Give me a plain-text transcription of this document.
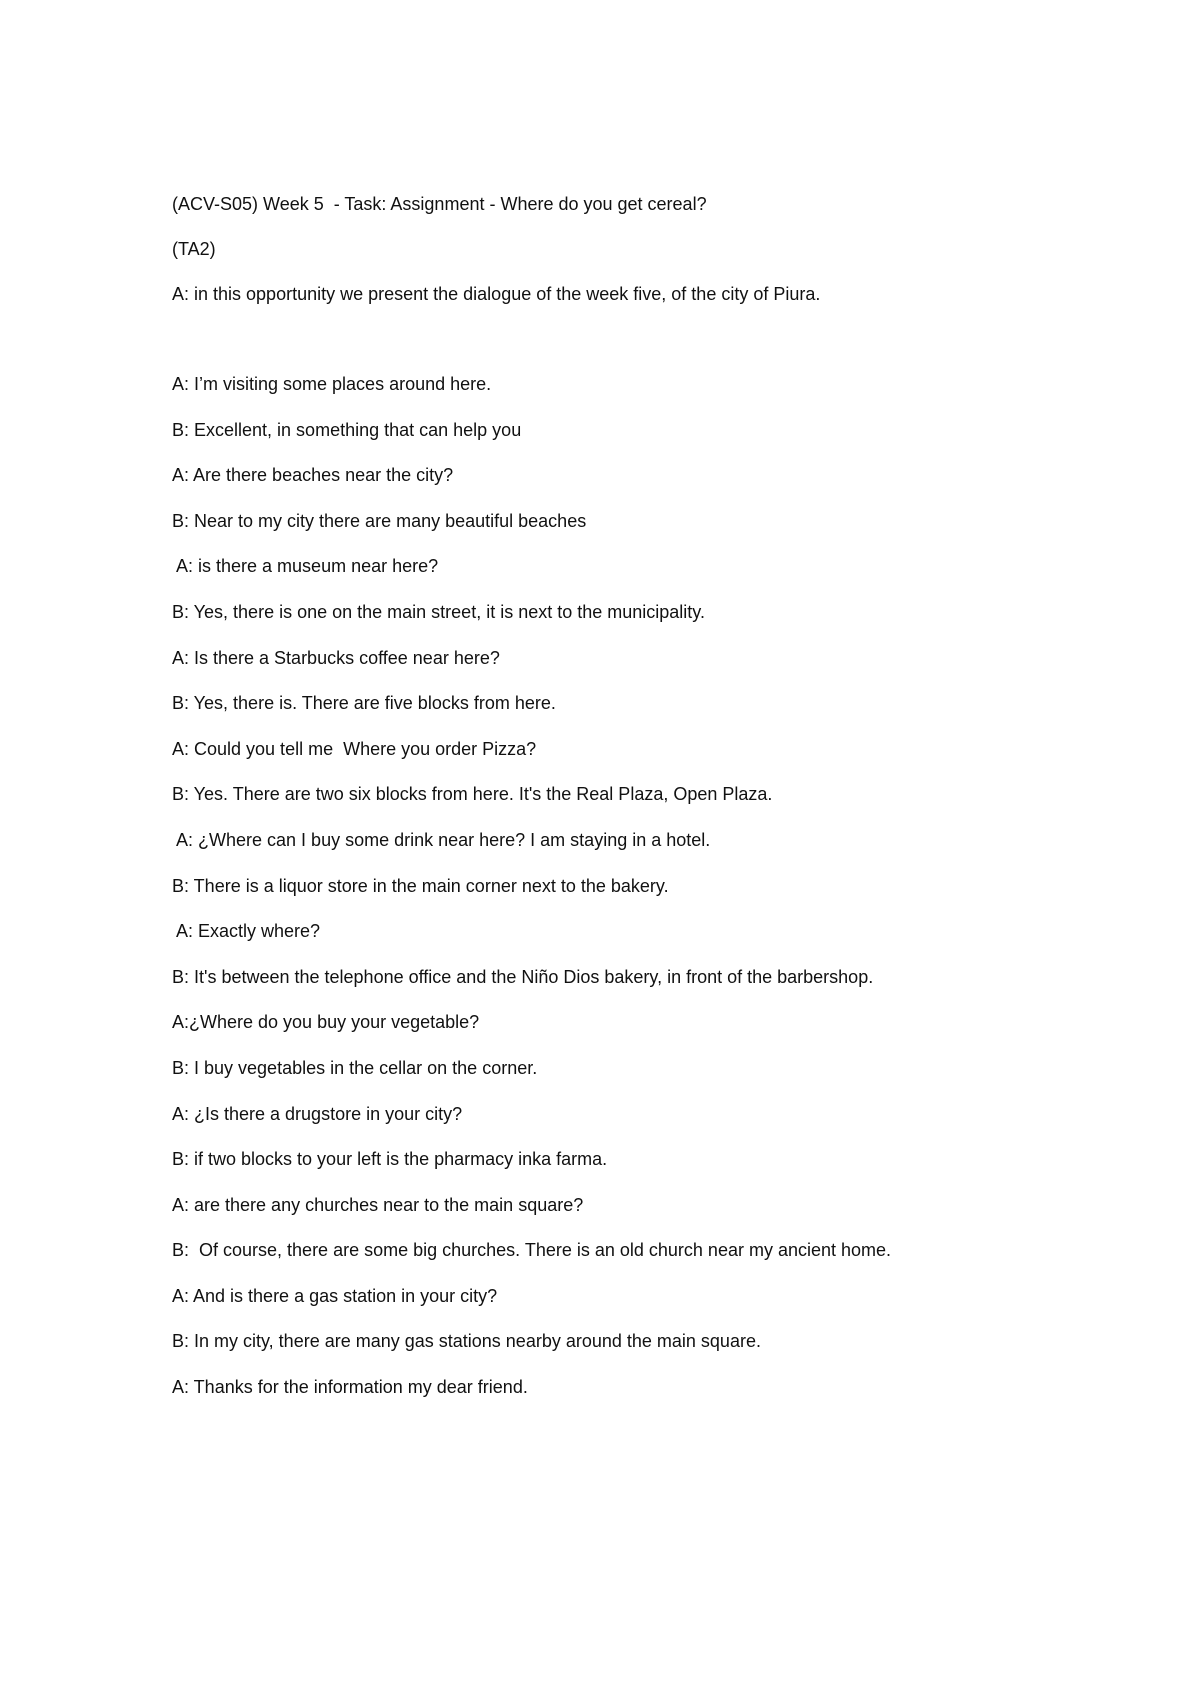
(ACV-S05) Week 5  - Task: Assignment - Where do you get cereal?

(TA2)

A: in this opportunity we present the dialogue of the week five, of the city of Piura.

A: I’m visiting some places around here.

B: Excellent, in something that can help you

A: Are there beaches near the city?

B: Near to my city there are many beautiful beaches

A: is there a museum near here?

B: Yes, there is one on the main street, it is next to the municipality.

A: Is there a Starbucks coffee near here?

B: Yes, there is. There are five blocks from here.

A: Could you tell me  Where you order Pizza?

B: Yes. There are two six blocks from here. It's the Real Plaza, Open Plaza.

A: ¿Where can I buy some drink near here? I am staying in a hotel.

B: There is a liquor store in the main corner next to the bakery.

A: Exactly where?

B: It's between the telephone office and the Niño Dios bakery, in front of the barbershop.

A:¿Where do you buy your vegetable?

B: I buy vegetables in the cellar on the corner.

A: ¿Is there a drugstore in your city?

B: if two blocks to your left is the pharmacy inka farma.

A: are there any churches near to the main square?

B:  Of course, there are some big churches. There is an old church near my ancient home.

A: And is there a gas station in your city?

B: In my city, there are many gas stations nearby around the main square.

A: Thanks for the information my dear friend.
